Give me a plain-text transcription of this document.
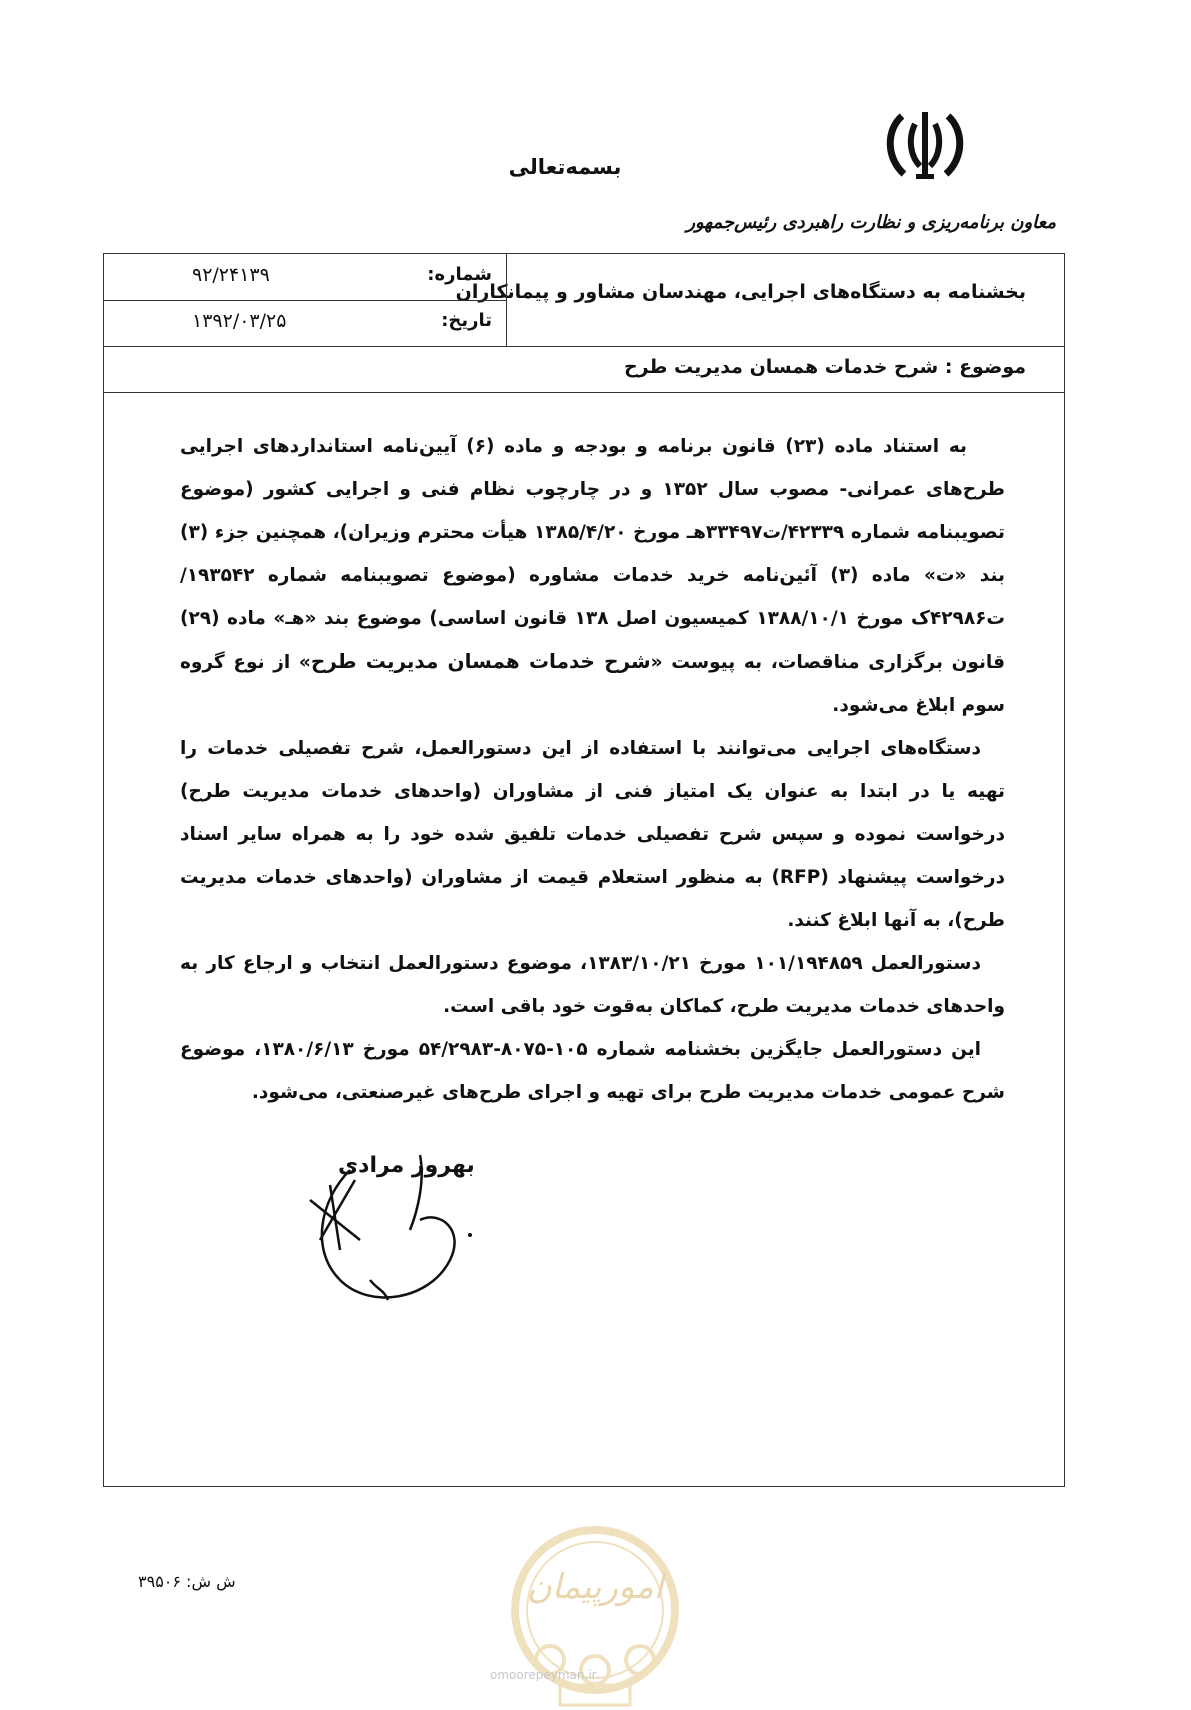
بسمه‌تعالی
معاون برنامه‌ریزی و نظارت راهبردی رئیس‌جمهور
بخشنامه به دستگاه‌های اجرایی، مهندسان مشاور و پیمانکاران
شماره:
۹۲/۲۴۱۳۹
تاریخ:
۱۳۹۲/۰۳/۲۵
موضوع : شرح خدمات همسان مدیریت طرح

به استناد ماده (۲۳) قانون برنامه و بودجه و ماده (۶) آیین‌نامه استانداردهای اجرایی طرح‌های عمرانی- مصوب سال ۱۳۵۲ و در چارچوب نظام فنی و اجرایی کشور (موضوع تصویبنامه شماره ۴۲۳۳۹/ت۳۳۴۹۷هـ مورخ ۱۳۸۵/۴/۲۰ هیأت محترم وزیران)، همچنین جزء (۳) بند «ت» ماده (۳) آئین‌نامه خرید خدمات مشاوره (موضوع تصویبنامه شماره ۱۹۳۵۴۲/ت۴۲۹۸۶ک مورخ ۱۳۸۸/۱۰/۱ کمیسیون اصل ۱۳۸ قانون اساسی) موضوع بند «هـ» ماده (۲۹) قانون برگزاری مناقصات، به پیوست «شرح خدمات همسان مدیریت طرح» از نوع گروه سوم ابلاغ می‌شود.

دستگاه‌های اجرایی می‌توانند با استفاده از این دستورالعمل، شرح تفصیلی خدمات را تهیه یا در ابتدا به عنوان یک امتیاز فنی از مشاوران (واحدهای خدمات مدیریت طرح) درخواست نموده و سپس شرح تفصیلی خدمات تلفیق شده خود را به همراه سایر اسناد درخواست پیشنهاد (RFP) به منظور استعلام قیمت از مشاوران (واحدهای خدمات مدیریت طرح)، به آنها ابلاغ کنند.

دستورالعمل ۱۰۱/۱۹۴۸۵۹ مورخ ۱۳۸۳/۱۰/۲۱، موضوع دستورالعمل انتخاب و ارجاع کار به واحدهای خدمات مدیریت طرح، کماکان به‌قوت خود باقی است.

این دستورالعمل جایگزین بخشنامه شماره ۱۰۵-۸۰۷۵-۵۴/۲۹۸۳ مورخ ۱۳۸۰/۶/۱۳، موضوع شرح عمومی خدمات مدیریت طرح برای تهیه و اجرای طرح‌های غیرصنعتی، می‌شود.

بهروز مرادی
امورپیمان
ش ش: ۳۹۵۰۶
omoorepeyman.ir
